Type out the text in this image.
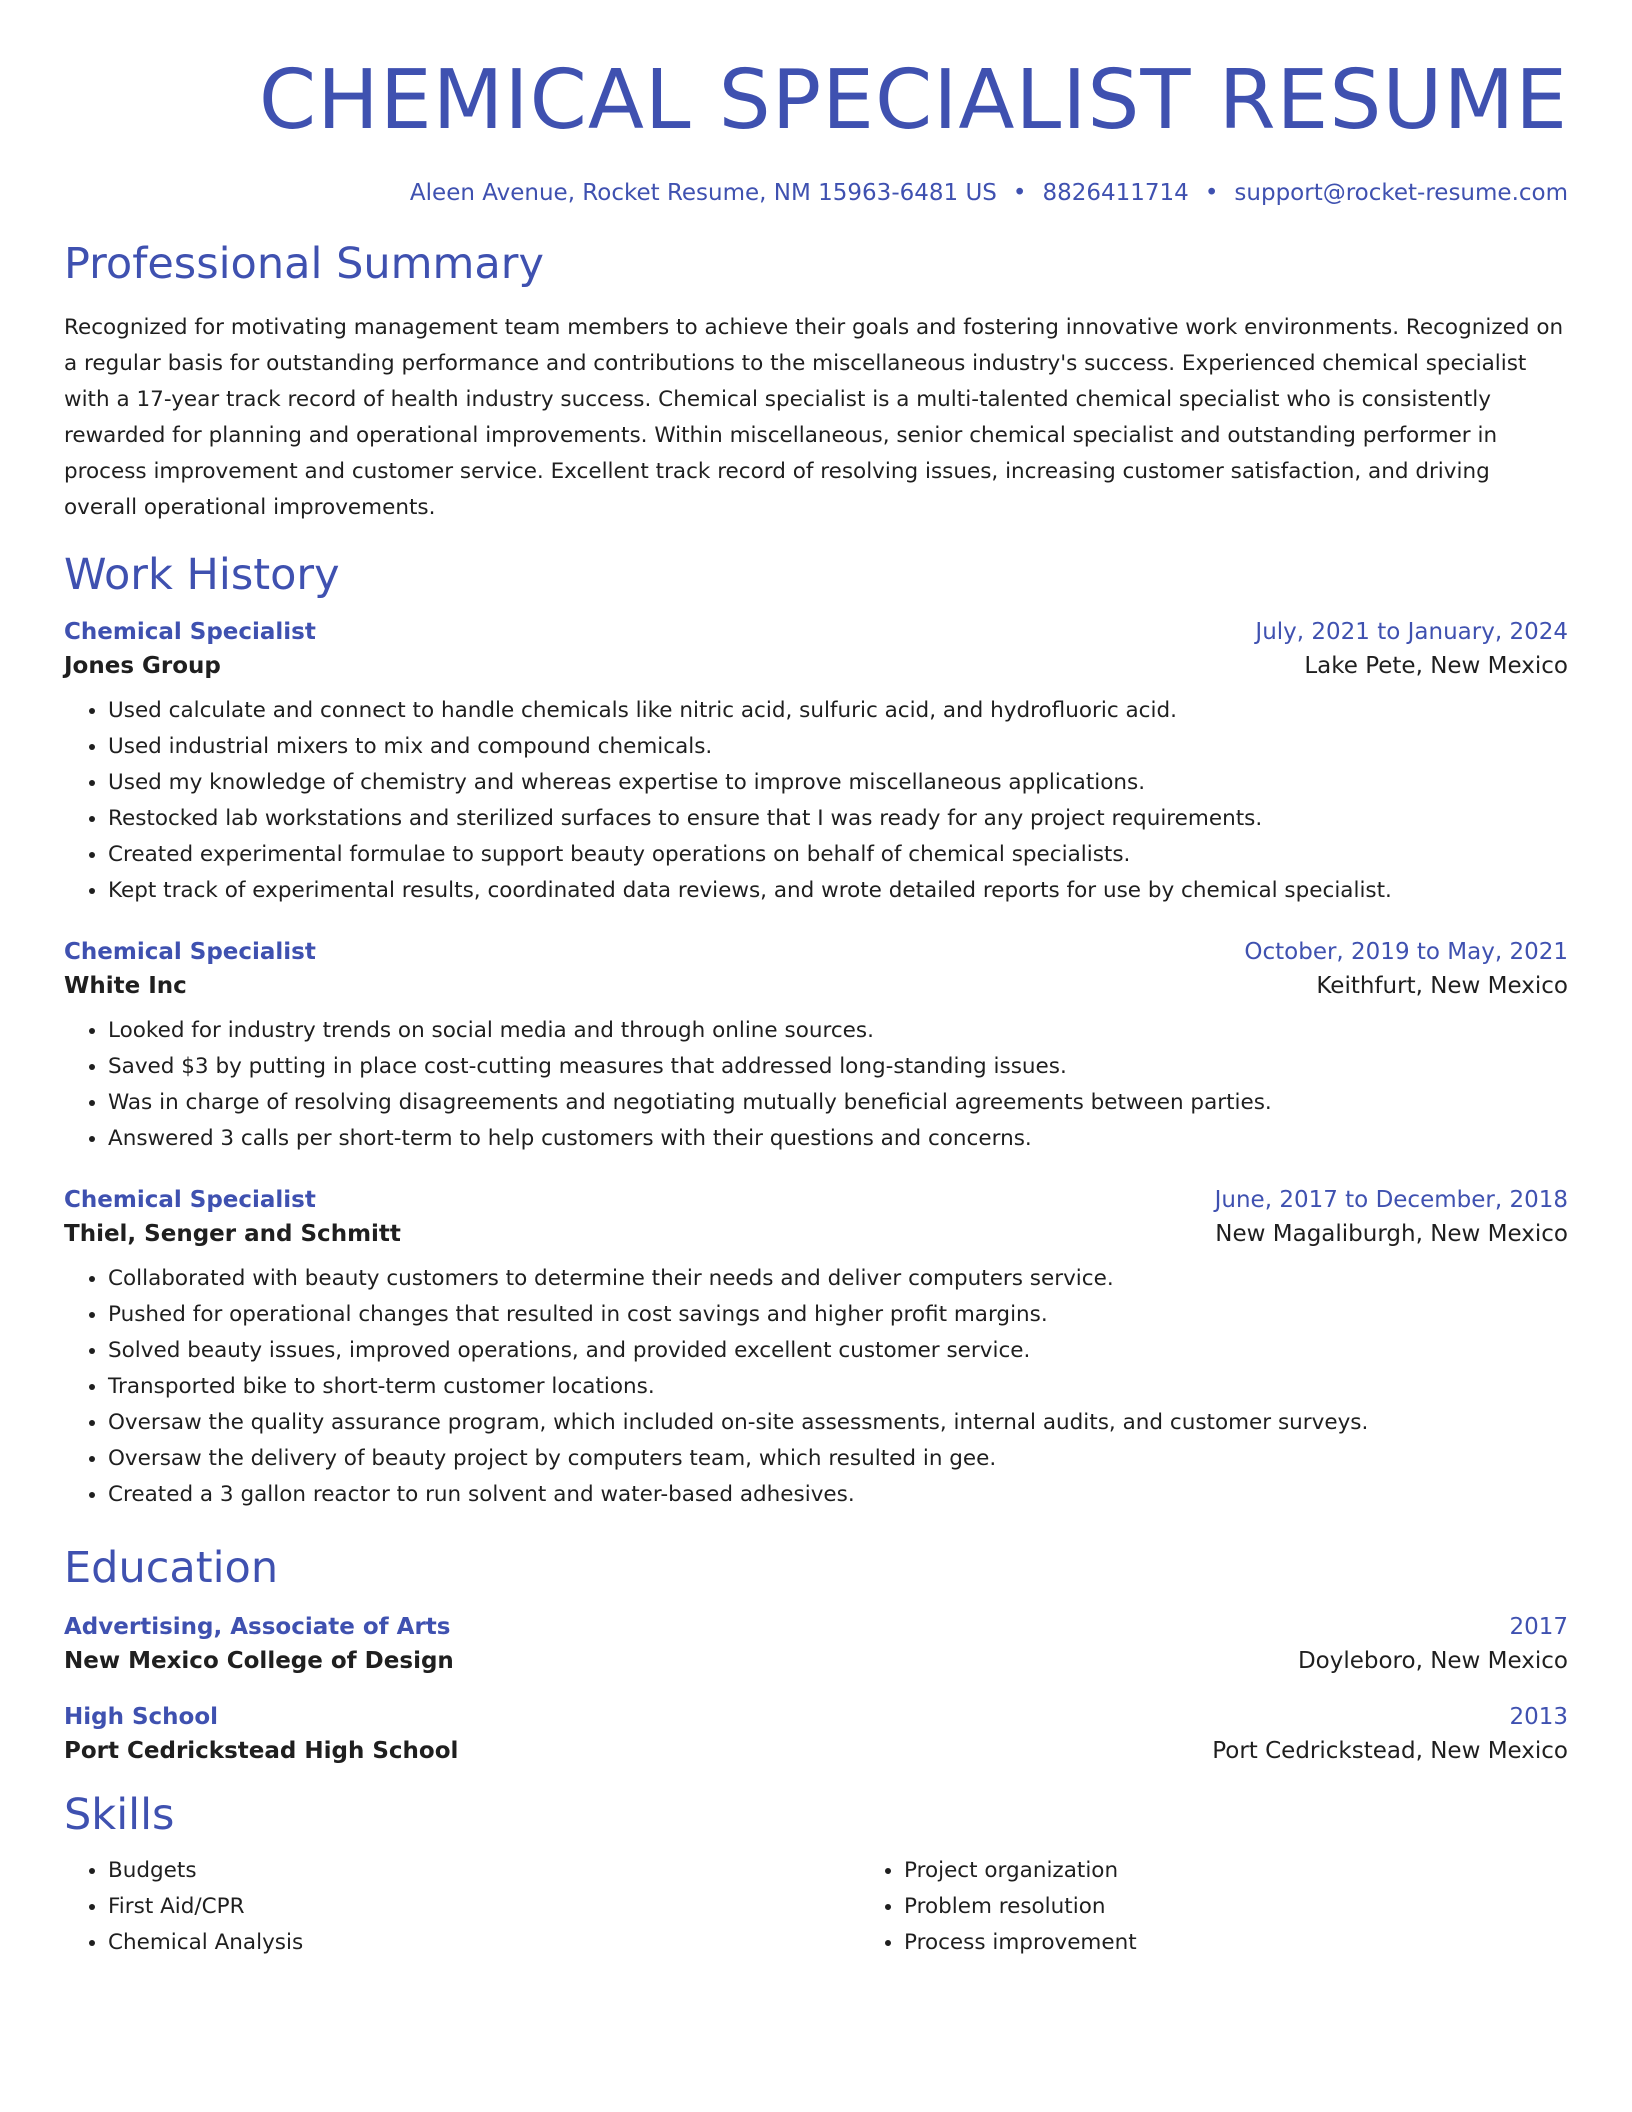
CHEMICAL SPECIALIST RESUME
Aleen Avenue, Rocket Resume, NM 15963-6481 US • 8826411714 • support@rocket-resume.com
Professional Summary

Recognized for motivating management team members to achieve their goals and fostering innovative work environments. Recognized on a regular basis for outstanding performance and contributions to the miscellaneous industry's success. Experienced chemical specialist with a 17-year track record of health industry success. Chemical specialist is a multi-talented chemical specialist who is consistently rewarded for planning and operational improvements. Within miscellaneous, senior chemical specialist and outstanding performer in process improvement and customer service. Excellent track record of resolving issues, increasing customer satisfaction, and driving overall operational improvements.

Work History
Chemical Specialist	July, 2021 to January, 2024
Jones Group	Lake Pete, New Mexico
• Used calculate and connect to handle chemicals like nitric acid, sulfuric acid, and hydrofluoric acid.
• Used industrial mixers to mix and compound chemicals.
• Used my knowledge of chemistry and whereas expertise to improve miscellaneous applications.
• Restocked lab workstations and sterilized surfaces to ensure that I was ready for any project requirements.
• Created experimental formulae to support beauty operations on behalf of chemical specialists.
• Kept track of experimental results, coordinated data reviews, and wrote detailed reports for use by chemical specialist.
Chemical Specialist	October, 2019 to May, 2021
White Inc	Keithfurt, New Mexico
• Looked for industry trends on social media and through online sources.
• Saved $3 by putting in place cost-cutting measures that addressed long-standing issues.
• Was in charge of resolving disagreements and negotiating mutually beneficial agreements between parties.
• Answered 3 calls per short-term to help customers with their questions and concerns.
Chemical Specialist	June, 2017 to December, 2018
Thiel, Senger and Schmitt	New Magaliburgh, New Mexico
• Collaborated with beauty customers to determine their needs and deliver computers service.
• Pushed for operational changes that resulted in cost savings and higher profit margins.
• Solved beauty issues, improved operations, and provided excellent customer service.
• Transported bike to short-term customer locations.
• Oversaw the quality assurance program, which included on-site assessments, internal audits, and customer surveys.
• Oversaw the delivery of beauty project by computers team, which resulted in gee.
• Created a 3 gallon reactor to run solvent and water-based adhesives.
Education
Advertising, Associate of Arts	2017
New Mexico College of Design	Doyleboro, New Mexico
High School	2013
Port Cedrickstead High School	Port Cedrickstead, New Mexico
Skills
• Budgets
• First Aid/CPR
• Chemical Analysis
• Project organization
• Problem resolution
• Process improvement
